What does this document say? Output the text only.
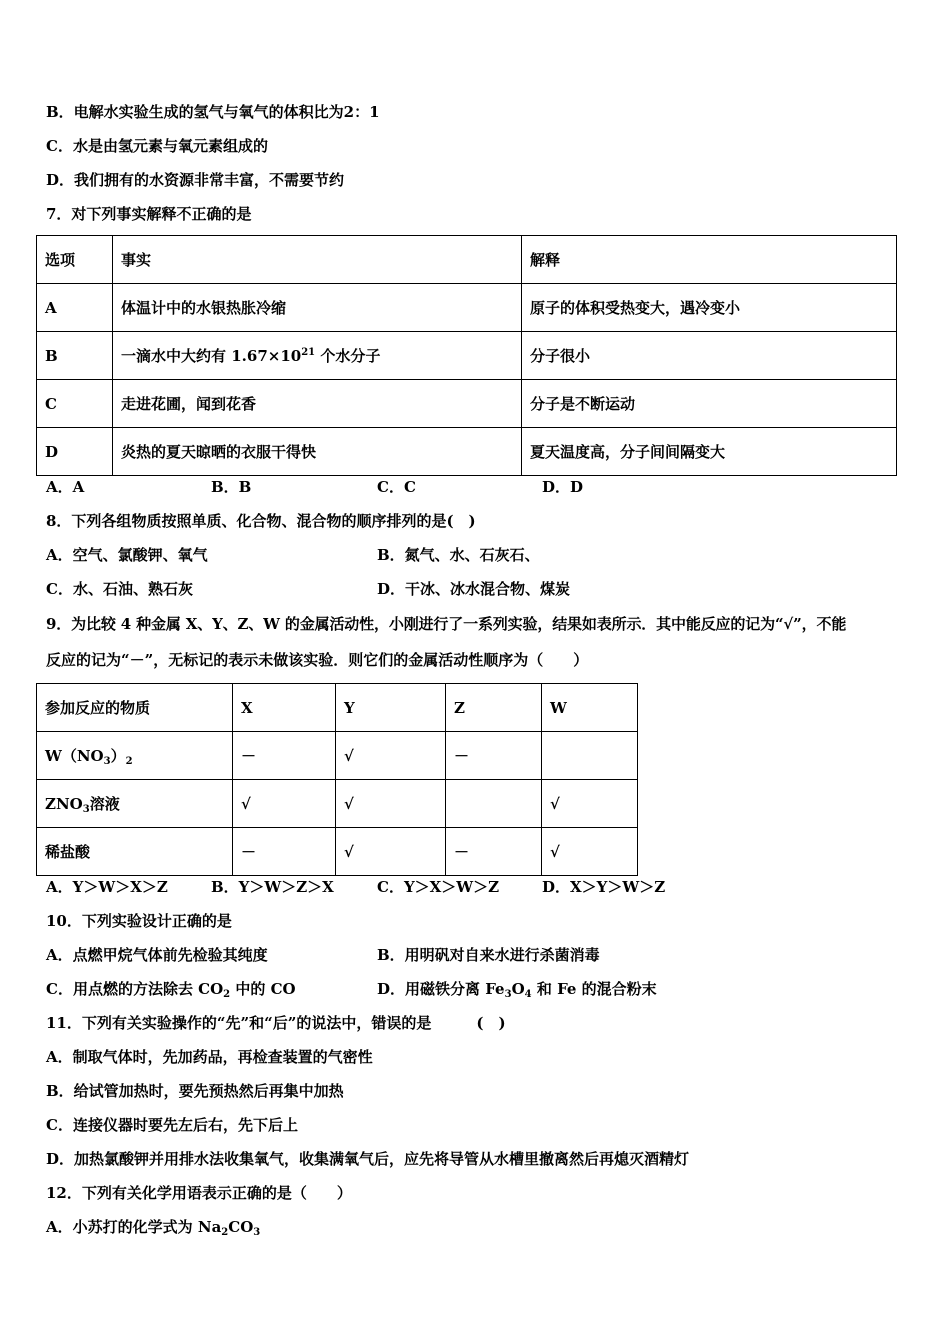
B．电解水实验生成的氢气与氧气的体积比为2：1
C．水是由氢元素与氧元素组成的
D．我们拥有的水资源非常丰富，不需要节约
7．对下列事实解释不正确的是
选项	事实	解释
A	体温计中的水银热胀冷缩	原子的体积受热变大，遇冷变小
B	一滴水中大约有 $1.67\times 10^{21}$ 个水分子	分子很小
C	走进花圃，闻到花香	分子是不断运动
D	炎热的夏天晾晒的衣服干得快	夏天温度高，分子间间隔变大
A．A	B．B	C．C	D．D
8．下列各组物质按照单质、化合物、混合物的顺序排列的是(　)
A．空气、氯酸钾、氧气	B．氮气、水、石灰石、
C．水、石油、熟石灰	D．干冰、冰水混合物、煤炭
9．为比较 4 种金属 X、Y、Z、W 的金属活动性，小刚进行了一系列实验，结果如表所示．其中能反应的记为“√”，不能
反应的记为“－”，无标记的表示未做该实验．则它们的金属活动性顺序为（　　）
参加反应的物质	X	Y	Z	W
$W(NO_3)_2$	－	√	－	
$ZNO_3$溶液	√	√		√
稀盐酸	－	√	－	√
A．Y＞W＞X＞Z	B．Y＞W＞Z＞X	C．Y＞X＞W＞Z	D．X＞Y＞W＞Z
10．下列实验设计正确的是
A．点燃甲烷气体前先检验其纯度	B．用明矾对自来水进行杀菌消毒
C．用点燃的方法除去 $CO_2$ 中的 CO	D．用磁铁分离 $Fe_3O_4$ 和 Fe 的混合粉末
11．下列有关实验操作的“先”和“后”的说法中，错误的是　　　(　)
A．制取气体时，先加药品，再检查装置的气密性
B．给试管加热时，要先预热然后再集中加热
C．连接仪器时要先左后右，先下后上
D．加热氯酸钾并用排水法收集氧气，收集满氧气后，应先将导管从水槽里撤离然后再熄灭酒精灯
12．下列有关化学用语表示正确的是（　　）
A．小苏打的化学式为 $Na_2CO_3$
